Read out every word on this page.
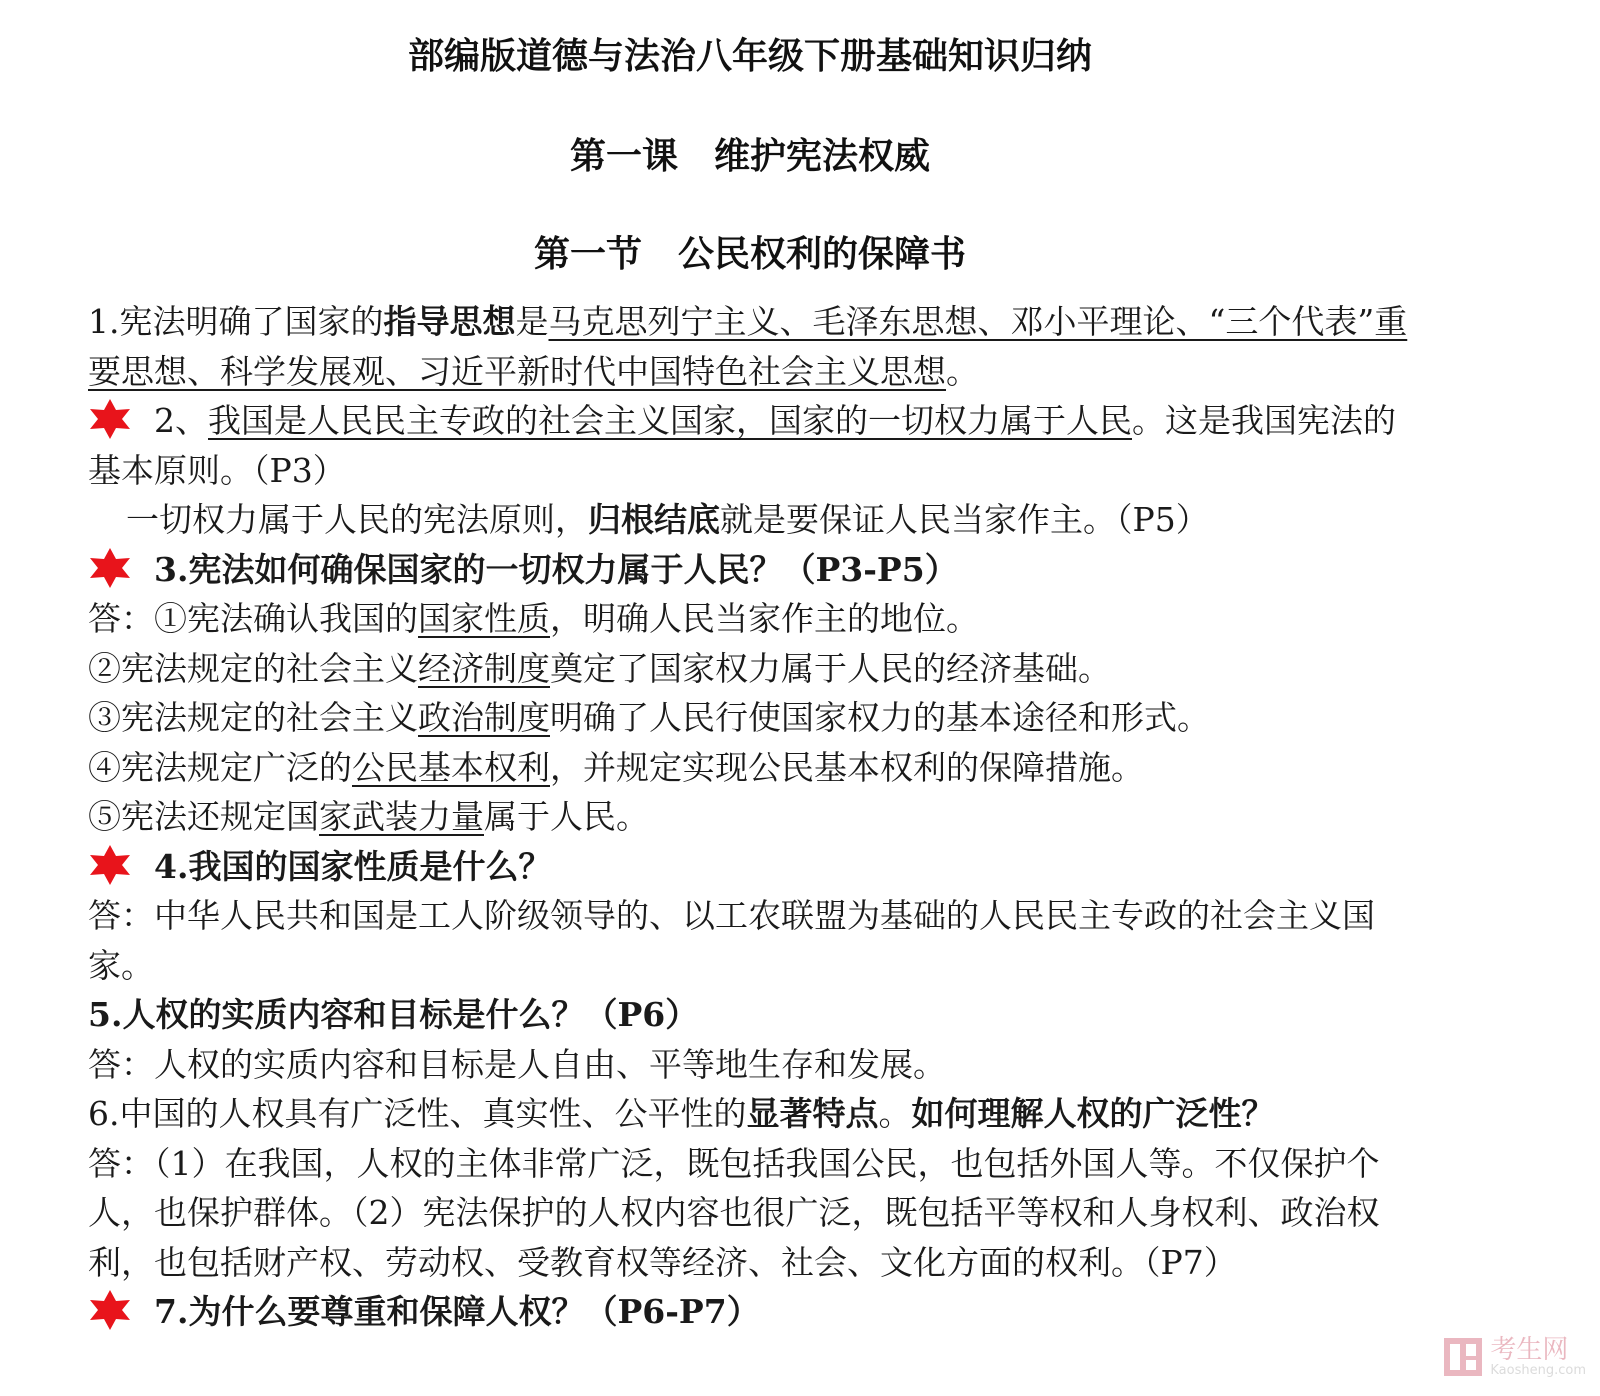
部编版道德与法治八年级下册基础知识归纳
第一课　维护宪法权威
第一节　公民权利的保障书

1.宪法明确了国家的指导思想是马克思列宁主义、毛泽东思想、邓小平理论、“三个代表”重要思想、科学发展观、习近平新时代中国特色社会主义思想。

2、我国是人民民主专政的社会主义国家，国家的一切权力属于人民。这是我国宪法的基本原则。（P3）

一切权力属于人民的宪法原则，归根结底就是要保证人民当家作主。（P5）

3.宪法如何确保国家的一切权力属于人民？（P3-P5）

答：①宪法确认我国的国家性质，明确人民当家作主的地位。

②宪法规定的社会主义经济制度奠定了国家权力属于人民的经济基础。

③宪法规定的社会主义政治制度明确了人民行使国家权力的基本途径和形式。

④宪法规定广泛的公民基本权利，并规定实现公民基本权利的保障措施。

⑤宪法还规定国家武装力量属于人民。

4.我国的国家性质是什么？

答：中华人民共和国是工人阶级领导的、以工农联盟为基础的人民民主专政的社会主义国家。

5.人权的实质内容和目标是什么？（P6）

答：人权的实质内容和目标是人自由、平等地生存和发展。

6.中国的人权具有广泛性、真实性、公平性的显著特点。如何理解人权的广泛性？

答：（1）在我国，人权的主体非常广泛，既包括我国公民，也包括外国人等。不仅保护个人，也保护群体。（2）宪法保护的人权内容也很广泛，既包括平等权和人身权利、政治权利，也包括财产权、劳动权、受教育权等经济、社会、文化方面的权利。（P7）

7.为什么要尊重和保障人权？（P6-P7）

考生网
Kaosheng.com
